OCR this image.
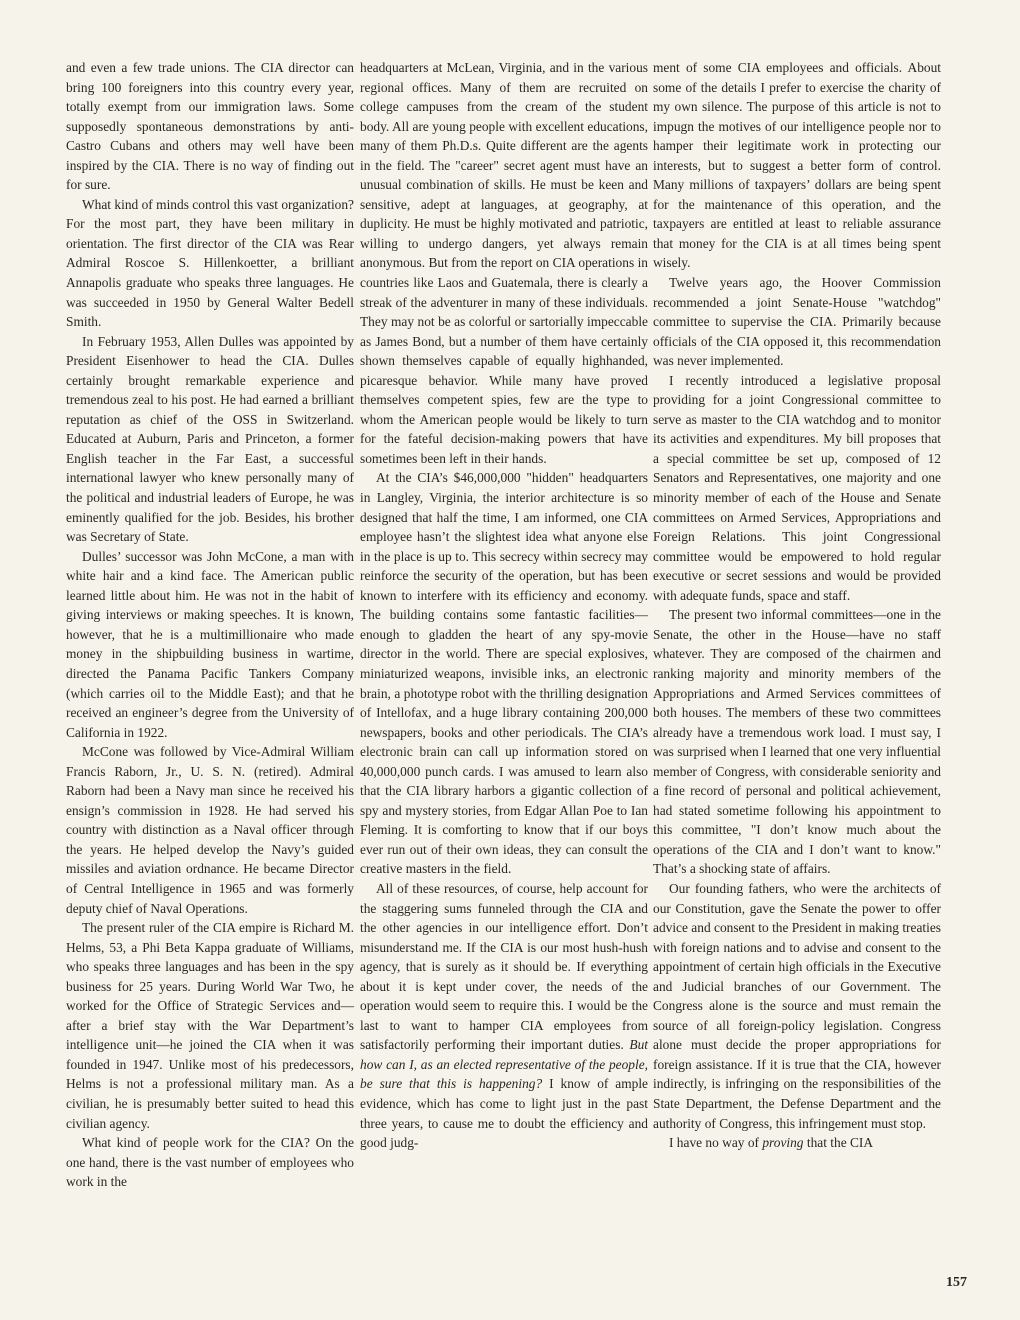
and even a few trade unions. The CIA director can bring 100 foreigners into this country every year, totally exempt from our immigration laws. Some supposedly spontaneous demonstrations by anti-Castro Cubans and others may well have been inspired by the CIA. There is no way of finding out for sure.

What kind of minds control this vast organization? For the most part, they have been military in orientation. The first director of the CIA was Rear Admiral Roscoe S. Hillenkoetter, a brilliant Annapolis graduate who speaks three languages. He was succeeded in 1950 by General Walter Bedell Smith.

In February 1953, Allen Dulles was appointed by President Eisenhower to head the CIA. Dulles certainly brought remarkable experience and tremendous zeal to his post. He had earned a brilliant reputation as chief of the OSS in Switzerland. Educated at Auburn, Paris and Princeton, a former English teacher in the Far East, a successful international lawyer who knew personally many of the political and industrial leaders of Europe, he was eminently qualified for the job. Besides, his brother was Secretary of State.

Dulles’ successor was John McCone, a man with white hair and a kind face. The American public learned little about him. He was not in the habit of giving interviews or making speeches. It is known, however, that he is a multimillionaire who made money in the shipbuilding business in wartime, directed the Panama Pacific Tankers Company (which carries oil to the Middle East); and that he received an engineer’s degree from the University of California in 1922.

McCone was followed by Vice-Admiral William Francis Raborn, Jr., U. S. N. (retired). Admiral Raborn had been a Navy man since he received his ensign’s commission in 1928. He had served his country with distinction as a Naval officer through the years. He helped develop the Navy’s guided missiles and aviation ordnance. He became Director of Central Intelligence in 1965 and was formerly deputy chief of Naval Operations.

The present ruler of the CIA empire is Richard M. Helms, 53, a Phi Beta Kappa graduate of Williams, who speaks three languages and has been in the spy business for 25 years. During World War Two, he worked for the Office of Strategic Services and—after a brief stay with the War Department’s intelligence unit—he joined the CIA when it was founded in 1947. Unlike most of his predecessors, Helms is not a professional military man. As a civilian, he is presumably better suited to head this civilian agency.

What kind of people work for the CIA? On the one hand, there is the vast number of employees who work in the

headquarters at McLean, Virginia, and in the various regional offices. Many of them are recruited on college campuses from the cream of the student body. All are young people with excellent educations, many of them Ph.D.s. Quite different are the agents in the field. The "career" secret agent must have an unusual combination of skills. He must be keen and sensitive, adept at languages, at geography, at duplicity. He must be highly motivated and patriotic, willing to undergo dangers, yet always remain anonymous. But from the report on CIA operations in countries like Laos and Guatemala, there is clearly a streak of the adventurer in many of these individuals. They may not be as colorful or sartorially impeccable as James Bond, but a number of them have certainly shown themselves capable of equally highhanded, picaresque behavior. While many have proved themselves competent spies, few are the type to whom the American people would be likely to turn for the fateful decision-making powers that have sometimes been left in their hands.

At the CIA’s $46,000,000 "hidden" headquarters in Langley, Virginia, the interior architecture is so designed that half the time, I am informed, one CIA employee hasn’t the slightest idea what anyone else in the place is up to. This secrecy within secrecy may reinforce the security of the operation, but has been known to interfere with its efficiency and economy. The building contains some fantastic facilities—enough to gladden the heart of any spy-movie director in the world. There are special explosives, miniaturized weapons, invisible inks, an electronic brain, a phototype robot with the thrilling designation of Intellofax, and a huge library containing 200,000 newspapers, books and other periodicals. The CIA’s electronic brain can call up information stored on 40,000,000 punch cards. I was amused to learn also that the CIA library harbors a gigantic collection of spy and mystery stories, from Edgar Allan Poe to Ian Fleming. It is comforting to know that if our boys ever run out of their own ideas, they can consult the creative masters in the field.

All of these resources, of course, help account for the staggering sums funneled through the CIA and the other agencies in our intelligence effort. Don’t misunderstand me. If the CIA is our most hush-hush agency, that is surely as it should be. If everything about it is kept under cover, the needs of the operation would seem to require this. I would be the last to want to hamper CIA employees from satisfactorily performing their important duties. But how can I, as an elected representative of the people, be sure that this is happening? I know of ample evidence, which has come to light just in the past three years, to cause me to doubt the efficiency and good judg-

ment of some CIA employees and officials. About some of the details I prefer to exercise the charity of my own silence. The purpose of this article is not to impugn the motives of our intelligence people nor to hamper their legitimate work in protecting our interests, but to suggest a better form of control. Many millions of taxpayers’ dollars are being spent for the maintenance of this operation, and the taxpayers are entitled at least to reliable assurance that money for the CIA is at all times being spent wisely.

Twelve years ago, the Hoover Commission recommended a joint Senate-House "watchdog" committee to supervise the CIA. Primarily because officials of the CIA opposed it, this recommendation was never implemented.

I recently introduced a legislative proposal providing for a joint Congressional committee to serve as master to the CIA watchdog and to monitor its activities and expenditures. My bill proposes that a special committee be set up, composed of 12 Senators and Representatives, one majority and one minority member of each of the House and Senate committees on Armed Services, Appropriations and Foreign Relations. This joint Congressional committee would be empowered to hold regular executive or secret sessions and would be provided with adequate funds, space and staff.

The present two informal committees—one in the Senate, the other in the House—have no staff whatever. They are composed of the chairmen and ranking majority and minority members of the Appropriations and Armed Services committees of both houses. The members of these two committees already have a tremendous work load. I must say, I was surprised when I learned that one very influential member of Congress, with considerable seniority and a fine record of personal and political achievement, had stated sometime following his appointment to this committee, "I don’t know much about the operations of the CIA and I don’t want to know." That’s a shocking state of affairs.

Our founding fathers, who were the architects of our Constitution, gave the Senate the power to offer advice and consent to the President in making treaties with foreign nations and to advise and consent to the appointment of certain high officials in the Executive and Judicial branches of our Government. The Congress alone is the source and must remain the source of all foreign-policy legislation. Congress alone must decide the proper appropriations for foreign assistance. If it is true that the CIA, however indirectly, is infringing on the responsibilities of the State Department, the Defense Department and the authority of Congress, this infringement must stop.

I have no way of proving that the CIA

157
